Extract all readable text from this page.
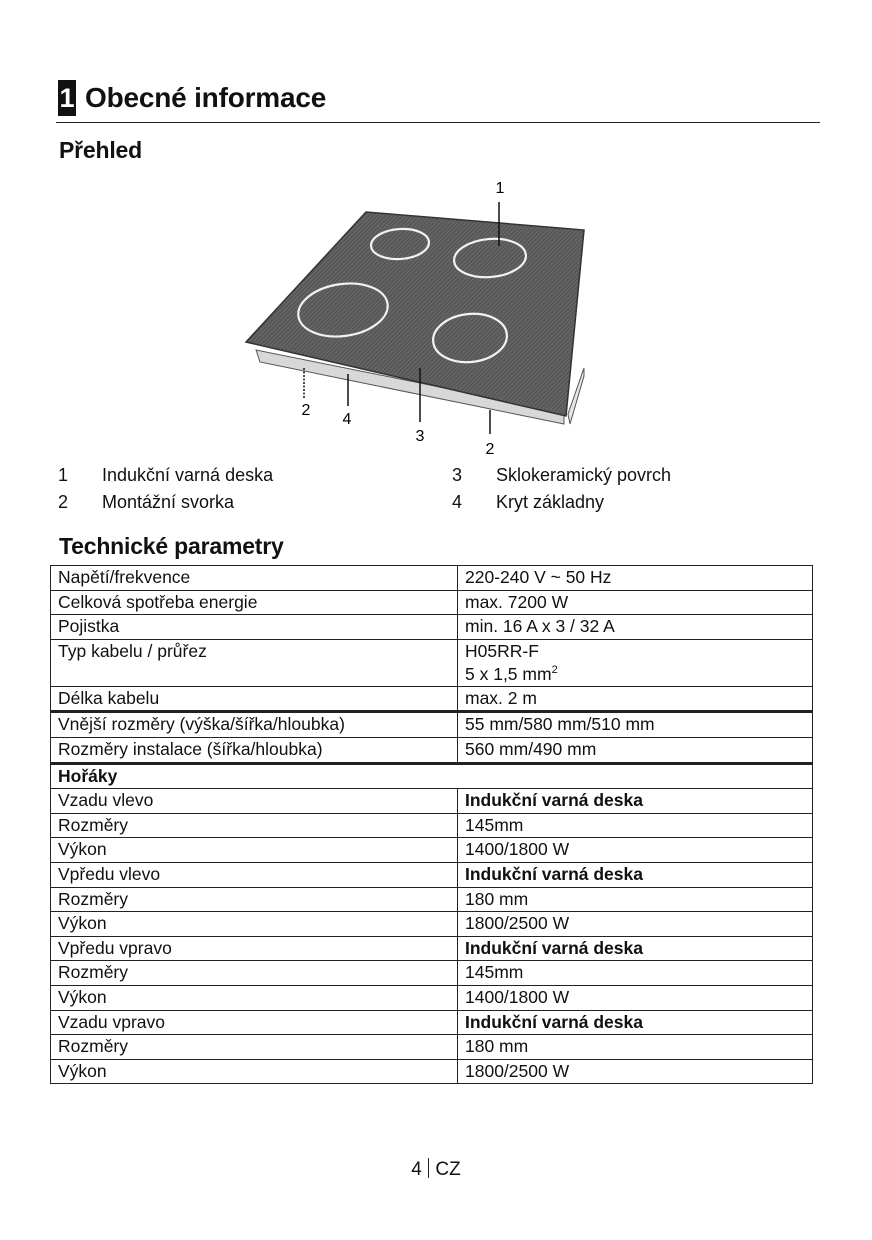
1 Obecné informace
Přehled
1
2
4
3
2
1 Indukční varná deska
2 Montážní svorka
3 Sklokeramický povrch
4 Kryt základny
Technické parametry
Napětí/frekvence	220-240 V ~ 50 Hz
Celková spotřeba energie	max. 7200 W
Pojistka	min. 16 A x 3 / 32 A
Typ kabelu / průřez	H05RR-F
5 x 1,5 $mm^2$

Délka kabelu	max. 2 m
Vnější rozměry (výška/šířka/hloubka)	55 mm/580 mm/510 mm
Rozměry instalace (šířka/hloubka)	560 mm/490 mm
Hořáky	
Vzadu vlevo	Indukční varná deska
Rozměry	145mm
Výkon	1400/1800 W
Vpředu vlevo	Indukční varná deska
Rozměry	180 mm
Výkon	1800/2500 W
Vpředu vpravo	Indukční varná deska
Rozměry	145mm
Výkon	1400/1800 W
Vzadu vpravo	Indukční varná deska
Rozměry	180 mm
Výkon	1800/2500 W
4 CZ
